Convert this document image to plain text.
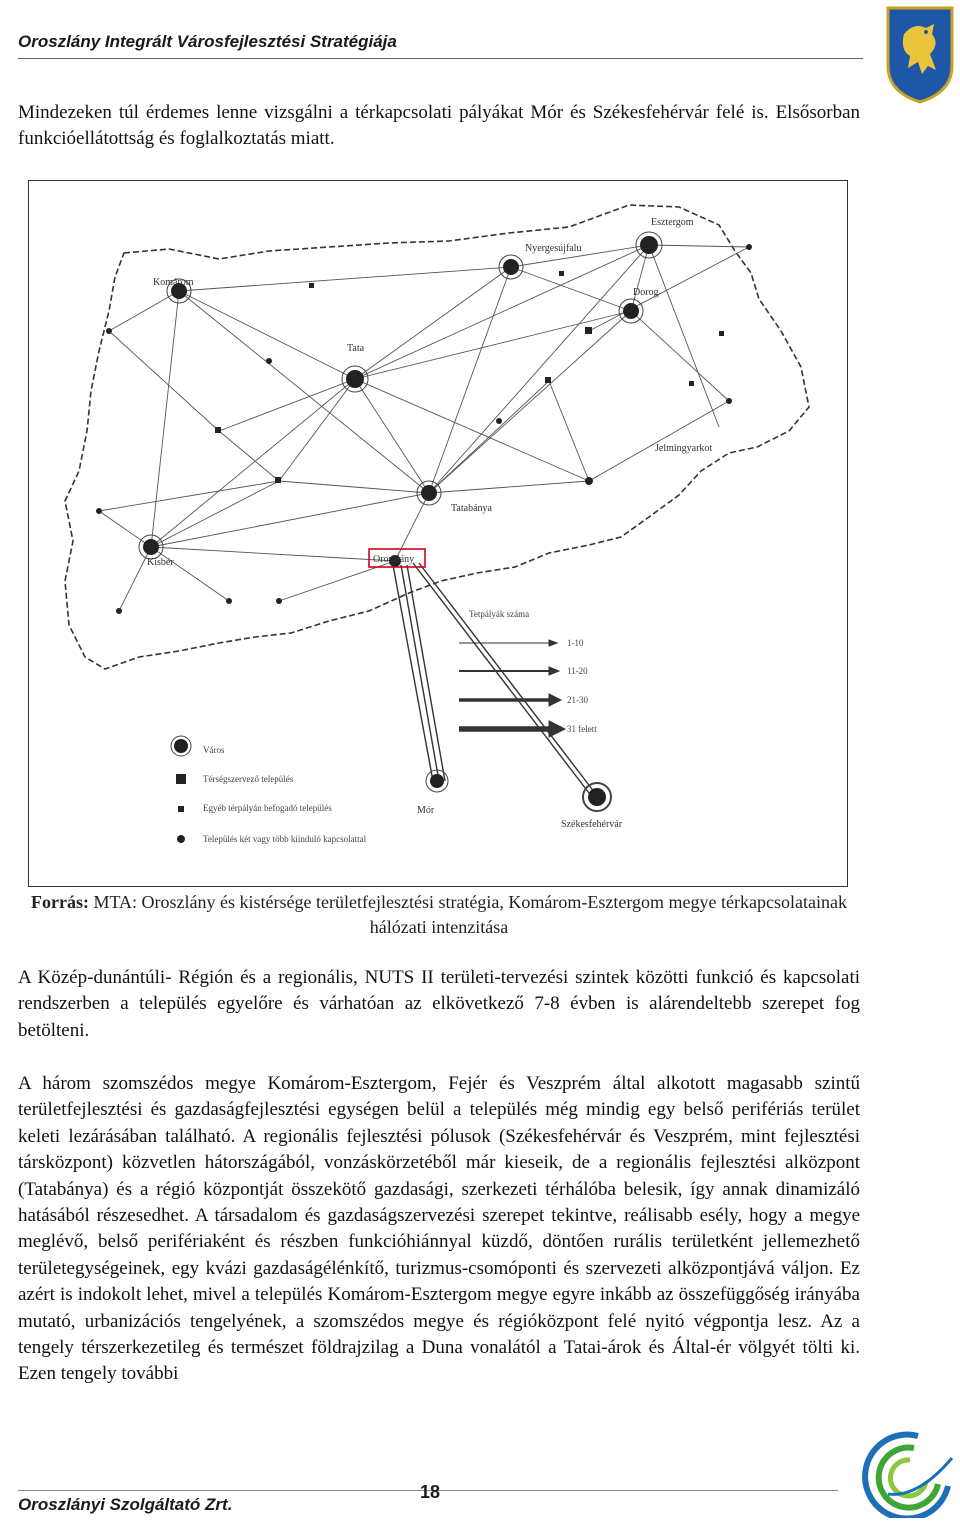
Oroszlány Integrált Városfejlesztési Stratégiája

Mindezeken túl érdemes lenne vizsgálni a térkapcsolati pályákat Mór és Székesfehérvár felé is. Elsősorban funkcióellátottság és foglalkoztatás miatt.

Esztergom
Nyergesújfalu
Dorog
Komárom
Tata
Tatabánya
Kisbér	Oroszlány
Jelmingyarkot
Mór
Székesfehérvár
Tetpályák száma
1-10
11-20
21-30
31 felett
Város
Térségszervező település
Egyéb térpályán befogadó település
Település két vagy több kiinduló kapcsolattal
Forrás: MTA: Oroszlány és kistérsége területfejlesztési stratégia, Komárom-Esztergom megye térkapcsolatainak hálózati intenzitása

A Közép-dunántúli- Régión és a regionális, NUTS II területi-tervezési szintek közötti funkció és kapcsolati rendszerben a település egyelőre és várhatóan az elkövetkező 7-8 évben is alárendeltebb szerepet fog betölteni.

A három szomszédos megye Komárom-Esztergom, Fejér és Veszprém által alkotott magasabb szintű területfejlesztési és gazdaságfejlesztési egységen belül a település még mindig egy belső perifériás terület keleti lezárásában található. A regionális fejlesztési pólusok (Székesfehérvár és Veszprém, mint fejlesztési társközpont) közvetlen hátországából, vonzáskörzetéből már kieseik, de a regionális fejlesztési alközpont (Tatabánya) és a régió központját összekötő gazdasági, szerkezeti térhálóba belesik, így annak dinamizáló hatásából részesedhet. A társadalom és gazdaságszervezési szerepet tekintve, reálisabb esély, hogy a megye meglévő, belső perifériaként és részben funkcióhiánnyal küzdő, döntően rurális területként jellemezhető területegységeinek, egy kvázi gazdaságélénkítő, turizmus-csomóponti és szervezeti alközpontjává váljon. Ez azért is indokolt lehet, mivel a település Komárom-Esztergom megye egyre inkább az összefüggőség irányába mutató, urbanizációs tengelyének, a szomszédos megye és régióközpont felé nyitó végpontja lesz. Az a tengely térszerkezetileg és természet földrajzilag a Duna vonalától a Tatai-árok és Által-ér völgyét tölti ki. Ezen tengely további

Oroszlányi Szolgáltató Zrt.
18
